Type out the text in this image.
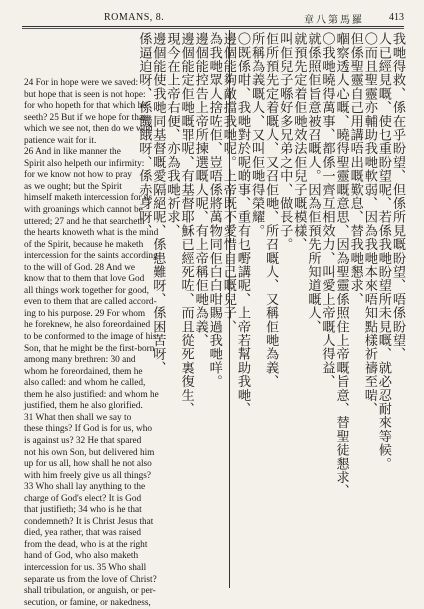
ROMANS, 8.	章八第馬羅	413

24 For in hope were we saved:

but hope that is seen is not hope:

for who hopeth for that which he

seeth? 25 But if we hope for that

which we see not, then do we with

patience wait for it.

26 And in like manner the

Spirit also helpeth our infirmity:

for we know not how to pray

as we ought; but the Spirit

himself maketh intercession for us

with groanings which cannot be

uttered; 27 and he that searcheth

the hearts knoweth what is the mind

of the Spirit, because he maketh

intercession for the saints according

to the will of God. 28 And we

know that to them that love God

all things work together for good,

even to them that are called accord-

ing to his purpose. 29 For whom

he foreknew, he also foreordained

to be conformed to the image of his

Son, that he might be the first-born

among many brethren: 30 and

whom he foreordained, them he

also called: and whom he called,

them he also justified: and whom he

justified, them he also glorified.

31 What then shall we say to

these things? If God is for us, who

is against us? 32 He that spared

not his own Son, but delivered him

up for us all, how shall he not also

with him freely give us all things?

33 Who shall lay anything to the

charge of God's elect? It is God

that justifieth; 34 who is he that

condemneth? It is Christ Jesus that

died, yea rather, that was raised

from the dead, who is at the right

hand of God, who also maketh

intercession for us. 35 Who shall

separate us from the love of Christ?

shall tribulation, or anguish, or per-

secution, or famine, or nakedness,

我哋得救、係在乎盼望、但係所見嘅盼望、唔係盼望、
人已經見嘅、使乜重盼望呢、若係我哋盼望所未見嘅、就必忍耐來等候。
〇而且聖靈亦輔助我哋軟弱、因為我哋本來唔知點樣祈禱至啱、
但係聖靈自己用講唔出嘅歎息、替我哋懇求、
嗰察透人心嘅、曉得聖靈嘅意思、因為聖靈係照住上帝嘅旨意、替聖徒懇求、
〇我哋曉得萬事、都係一齊互相效力、叫愛上帝嘅人得益、
就係照佢旨意被召嘅人。因為佢預先所知道嘅人、
就預先定着佢哋效法佢兒子嘅模樣、
叫佢兒子喺好多兄弟之中、做長子。
佢所預先定着嘅人、又召佢哋、所召嘅人、又稱佢哋為義、
所稱為義嘅人、又叫佢哋得榮耀。
〇既係咁、我哋對於呢啲事、重有乜嘢講呢、上帝若幫助我哋、
邊個能夠敵擋我哋呢。上帝既不愛惜自己嘅兒子、
為我哋眾人捨咗佢、豈唔係將萬物同佢白白咁賜過我哋咩。
邊個能控告上帝所揀選嘅人呢、有上帝稱佢哋為義、
邊個能定佢哋嘅罪呢、有基督耶穌已經死咗、而且從死裏復生、
現今在上帝右便、亦為我哋祈求、
邊個能使我哋同基督嘅愛隔絕呢、係患難呀、係困苦呀、
係逼迫呀、係饑餓呀、係赤身呀、
